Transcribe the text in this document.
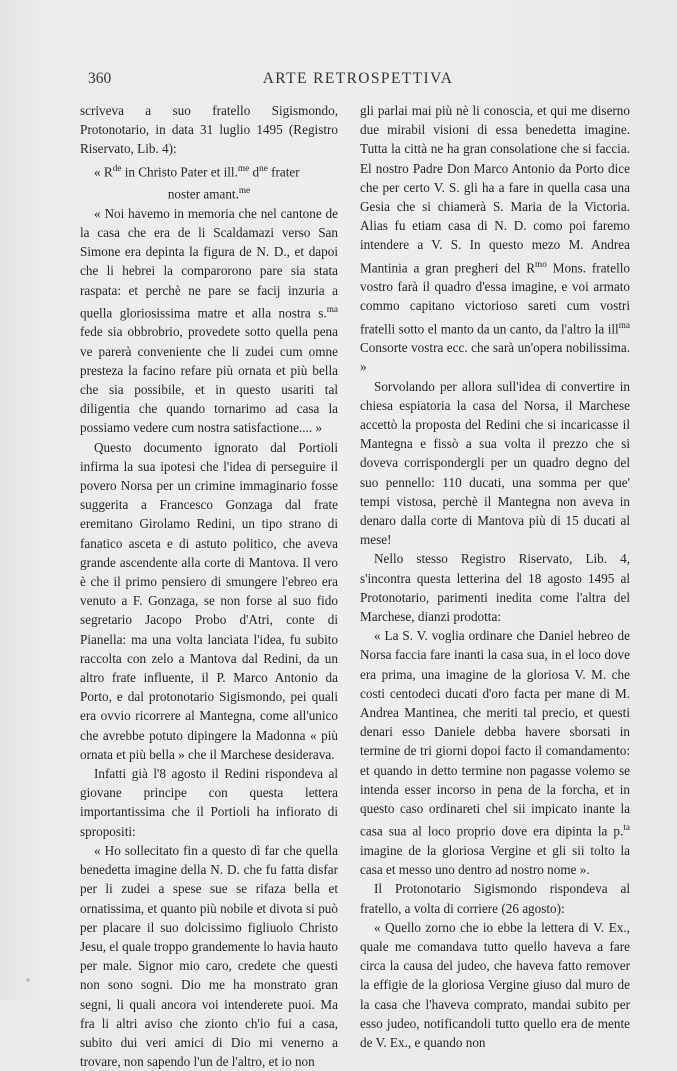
360	ARTE RETROSPETTIVA

scriveva a suo fratello Sigismondo, Protonotario, in data 31 luglio 1495 (Registro Riservato, Lib. 4):

« $R^{de}$ in Christo Pater et ill.$^{me}$ $d^{ne}$ frater

noster amant.$^{me}$

« Noi havemo in memoria che nel cantone de la casa che era de li Scaldamazi verso San Simone era depinta la figura de N. D., et dapoi che li hebrei la comparorono pare sia stata raspata: et perchè ne pare se facij inzuria a quella gloriosissima matre et alla nostra s.$^{ma}$ fede sia obbrobrio, provedete sotto quella pena ve parerà conveniente che li zudei cum omne presteza la facino refare più ornata et più bella che sia possibile, et in questo usariti tal diligentia che quando tornarimo ad casa la possiamo vedere cum nostra satisfactione.... »

Questo documento ignorato dal Portioli infirma la sua ipotesi che l'idea di perseguire il povero Norsa per un crimine immaginario fosse suggerita a Francesco Gonzaga dal frate eremitano Girolamo Redini, un tipo strano di fanatico asceta e di astuto politico, che aveva grande ascendente alla corte di Mantova. Il vero è che il primo pensiero di smungere l'ebreo era venuto a F. Gonzaga, se non forse al suo fido segretario Jacopo Probo d'Atri, conte di Pianella: ma una volta lanciata l'idea, fu subito raccolta con zelo a Mantova dal Redini, da un altro frate influente, il P. Marco Antonio da Porto, e dal protonotario Sigismondo, pei quali era ovvio ricorrere al Mantegna, come all'unico che avrebbe potuto dipingere la Madonna « più ornata et più bella » che il Marchese desiderava.

Infatti già l'8 agosto il Redini rispondeva al giovane principe con questa lettera importantissima che il Portioli ha infiorato di spropositi:

« Ho sollecitato fin a questo dì far che quella benedetta imagine della N. D. che fu fatta disfar per li zudei a spese sue se rifaza bella et ornatissima, et quanto più nobile et divota si può per placare il suo dolcissimo figliuolo Christo Jesu, el quale troppo grandemente lo havia hauto per male. Signor mio caro, credete che questi non sono sogni. Dio me ha monstrato gran segni, li quali ancora voi intenderete puoi. Ma fra li altri aviso che zionto ch'io fui a casa, subito dui veri amici di Dio mi venerno a trovare, non sapendo l'un de l'altro, et io non

gli parlai mai più nè li conoscia, et qui me diserno due mirabil visioni di essa benedetta imagine. Tutta la città ne ha gran consolatione che si faccia. El nostro Padre Don Marco Antonio da Porto dice che per certo V. S. gli ha a fare in quella casa una Gesia che si chiamerà S. Maria de la Victoria. Alias fu etiam casa di N. D. como poi faremo intendere a V. S. In questo mezo M. Andrea Mantinia a gran pregheri del $R^{mo}$ Mons. fratello vostro farà il quadro d'essa imagine, e voi armato commo capitano victorioso sareti cum vostri fratelli sotto el manto da un canto, da l'altro la ill$^{ma}$ Consorte vostra ecc. che sarà un'opera nobilissima. »

Sorvolando per allora sull'idea di convertire in chiesa espiatoria la casa del Norsa, il Marchese accettò la proposta del Redini che si incaricasse il Mantegna e fissò a sua volta il prezzo che si doveva corrispondergli per un quadro degno del suo pennello: 110 ducati, una somma per que' tempi vistosa, perchè il Mantegna non aveva in denaro dalla corte di Mantova più di 15 ducati al mese!

Nello stesso Registro Riservato, Lib. 4, s'incontra questa letterina del 18 agosto 1495 al Protonotario, parimenti inedita come l'altra del Marchese, dianzi prodotta:

« La S. V. voglia ordinare che Daniel hebreo de Norsa faccia fare inanti la casa sua, in el loco dove era prima, una imagine de la gloriosa V. M. che costi centodeci ducati d'oro facta per mane di M. Andrea Mantinea, che meriti tal precio, et questi denari esso Daniele debba havere sborsati in termine de tri giorni dopoi facto il comandamento: et quando in detto termine non pagasse volemo se intenda esser incorso in pena de la forcha, et in questo caso ordinareti chel sii impicato inante la casa sua al loco proprio dove era dipinta la p.$^{ta}$ imagine de la gloriosa Vergine et gli sii tolto la casa et messo uno dentro ad nostro nome ».

Il Protonotario Sigismondo rispondeva al fratello, a volta di corriere (26 agosto):

« Quello zorno che io ebbe la lettera di V. Ex., quale me comandava tutto quello haveva a fare circa la causa del judeo, che haveva fatto remover la effigie de la gloriosa Vergine giuso dal muro de la casa che l'haveva comprato, mandai subito per esso judeo, notificandoli tutto quello era de mente de V. Ex., e quando non
